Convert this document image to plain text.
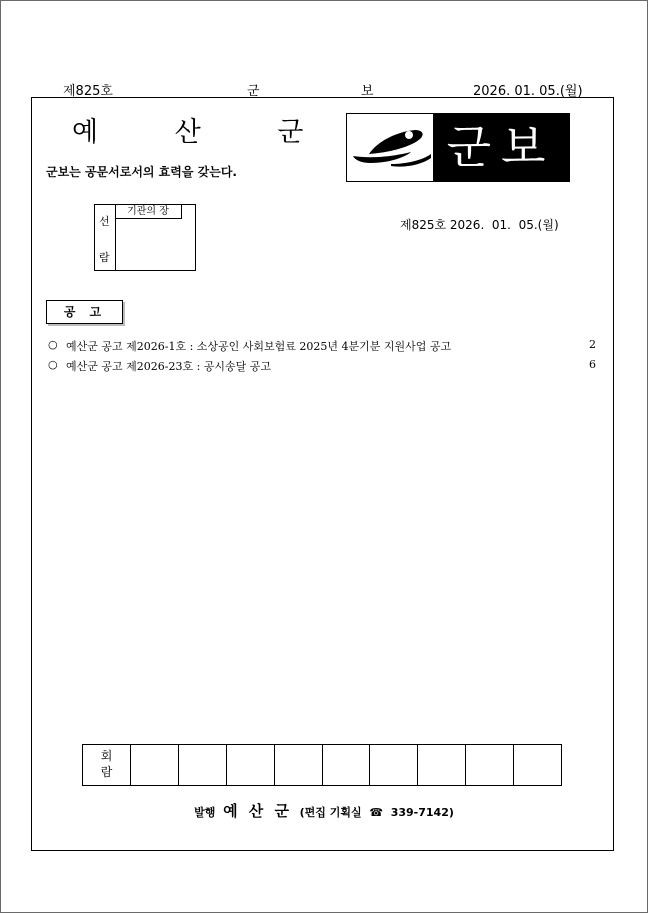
제825호	군	보	2026. 01. 05.(월)
예 산 군
군보는 공문서로서의 효력을 갖는다.	군보
선
람
기관의 장
제825호 2026.  01.  05.(월)
공고
○ 예산군 공고 제2026-1호 : 소상공인 사회보험료 2025년 4분기분 지원사업 공고	2
○ 예산군 공고 제2026-23호 : 공시송달 공고	6
회
람
발행 예 산 군 (편집 기획실 ☎ 339-7142)
